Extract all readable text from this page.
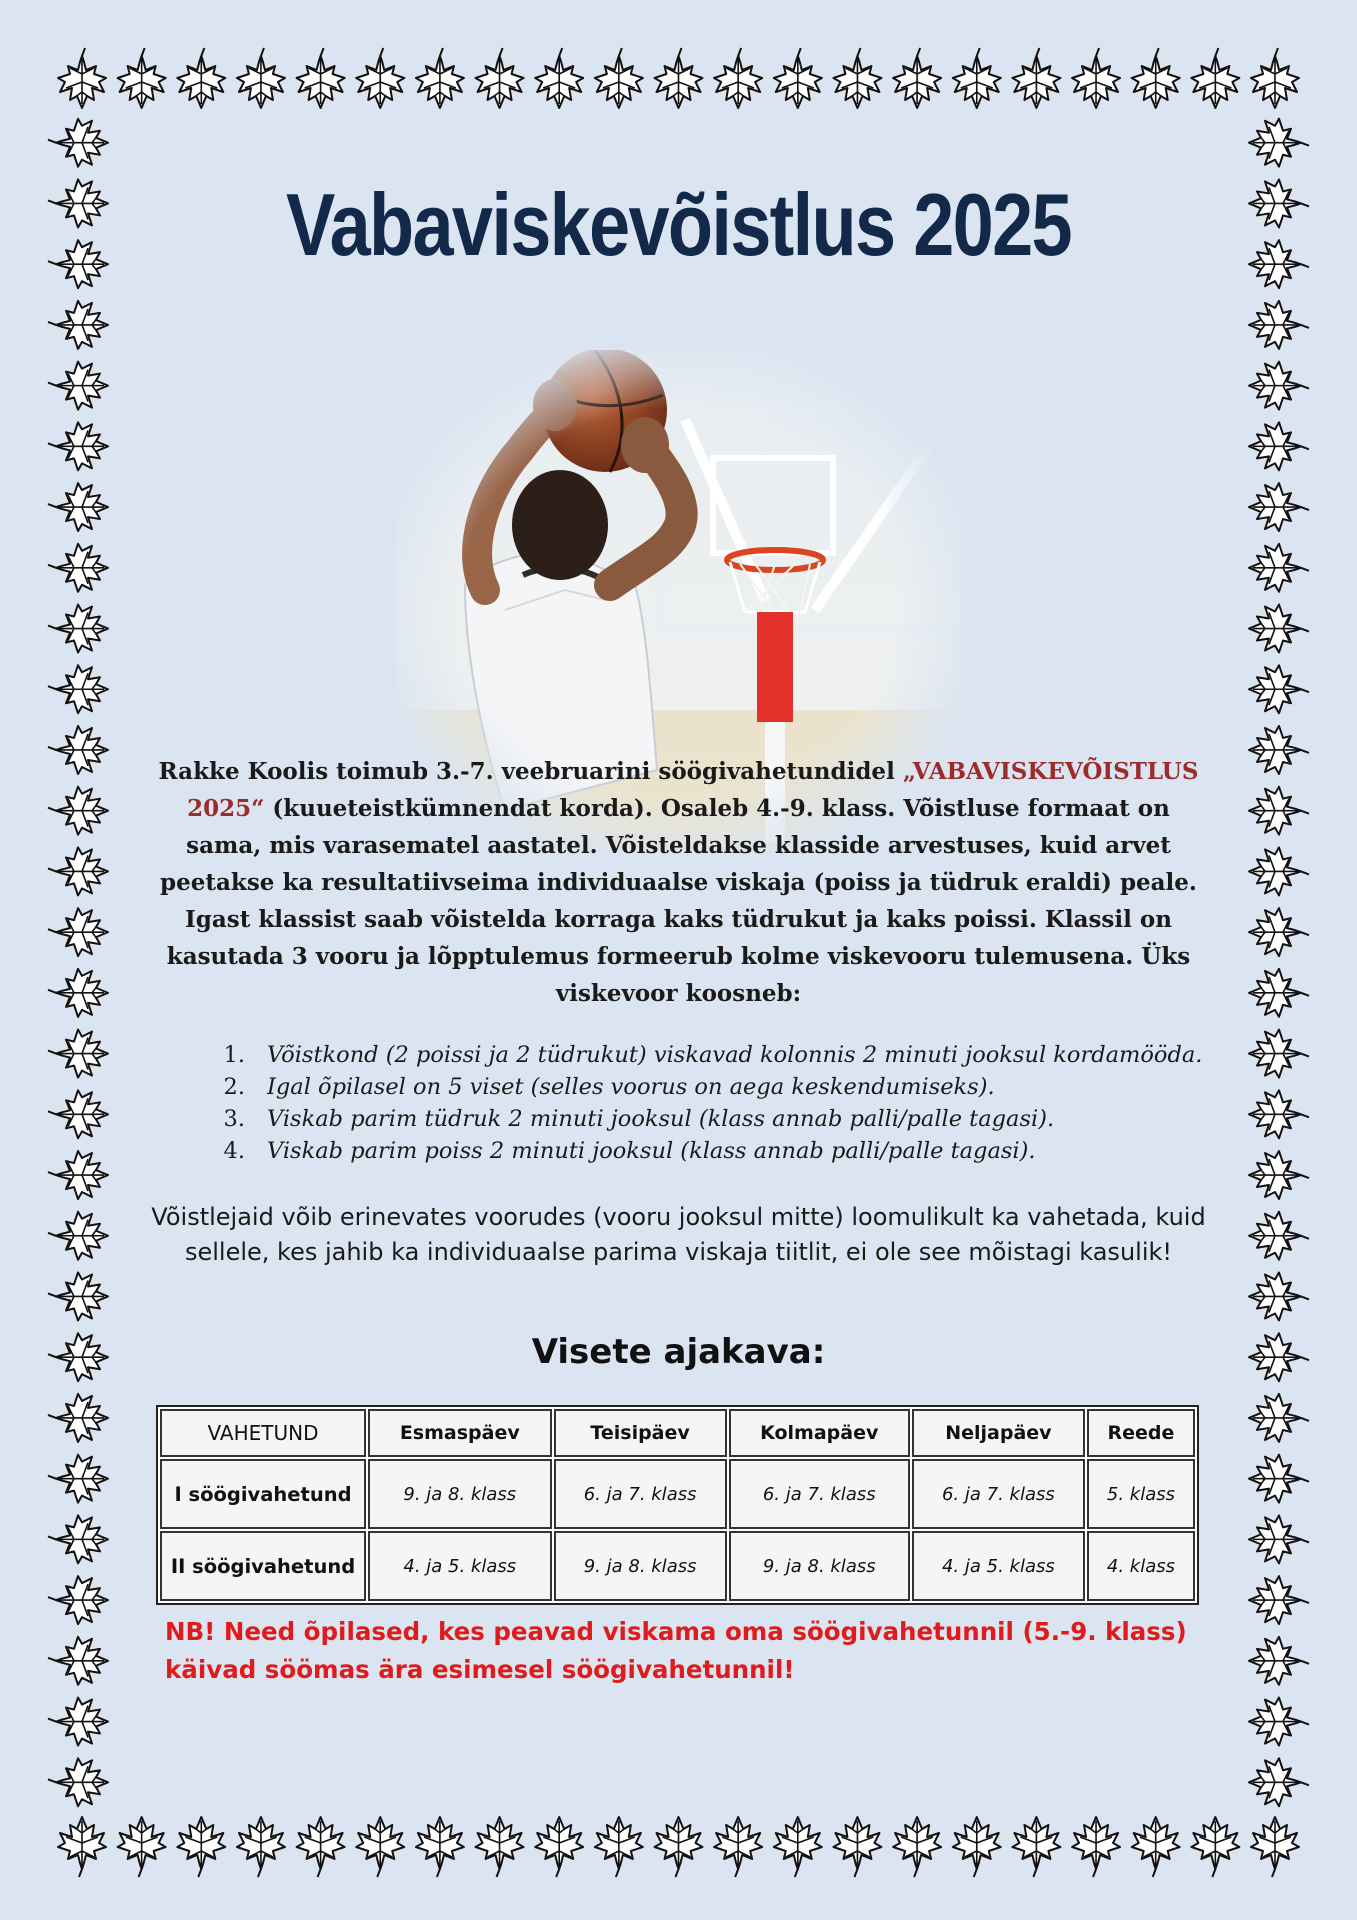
Vabaviskevõistlus 2025
Rakke Koolis toimub 3.-7. veebruarini söögivahetundidel „VABAVISKEVÕISTLUS 2025“ (kuueteistkümnendat korda). Osaleb 4.-9. klass. Võistluse formaat on sama, mis varasematel aastatel. Võisteldakse klasside arvestuses, kuid arvet peetakse ka resultatiivseima individuaalse viskaja (poiss ja tüdruk eraldi) peale. Igast klassist saab võistelda korraga kaks tüdrukut ja kaks poissi. Klassil on kasutada 3 vooru ja lõpptulemus formeerub kolme viskevooru tulemusena. Üks viskevoor koosneb:
1. Võistkond (2 poissi ja 2 tüdrukut) viskavad kolonnis 2 minuti jooksul kordamööda.
2. Igal õpilasel on 5 viset (selles voorus on aega keskendumiseks).
3. Viskab parim tüdruk 2 minuti jooksul (klass annab palli/palle tagasi).
4. Viskab parim poiss 2 minuti jooksul (klass annab palli/palle tagasi).
Võistlejaid võib erinevates voorudes (vooru jooksul mitte) loomulikult ka vahetada, kuid sellele, kes jahib ka individuaalse parima viskaja tiitlit, ei ole see mõistagi kasulik!
Visete ajakava:
VAHETUND	Esmaspäev	Teisipäev	Kolmapäev	Neljapäev	Reede
I söögivahetund	9. ja 8. klass	6. ja 7. klass	6. ja 7. klass	6. ja 7. klass	5. klass
II söögivahetund	4. ja 5. klass	9. ja 8. klass	9. ja 8. klass	4. ja 5. klass	4. klass
NB! Need õpilased, kes peavad viskama oma söögivahetunnil (5.-9. klass) käivad söömas ära esimesel söögivahetunnil!
